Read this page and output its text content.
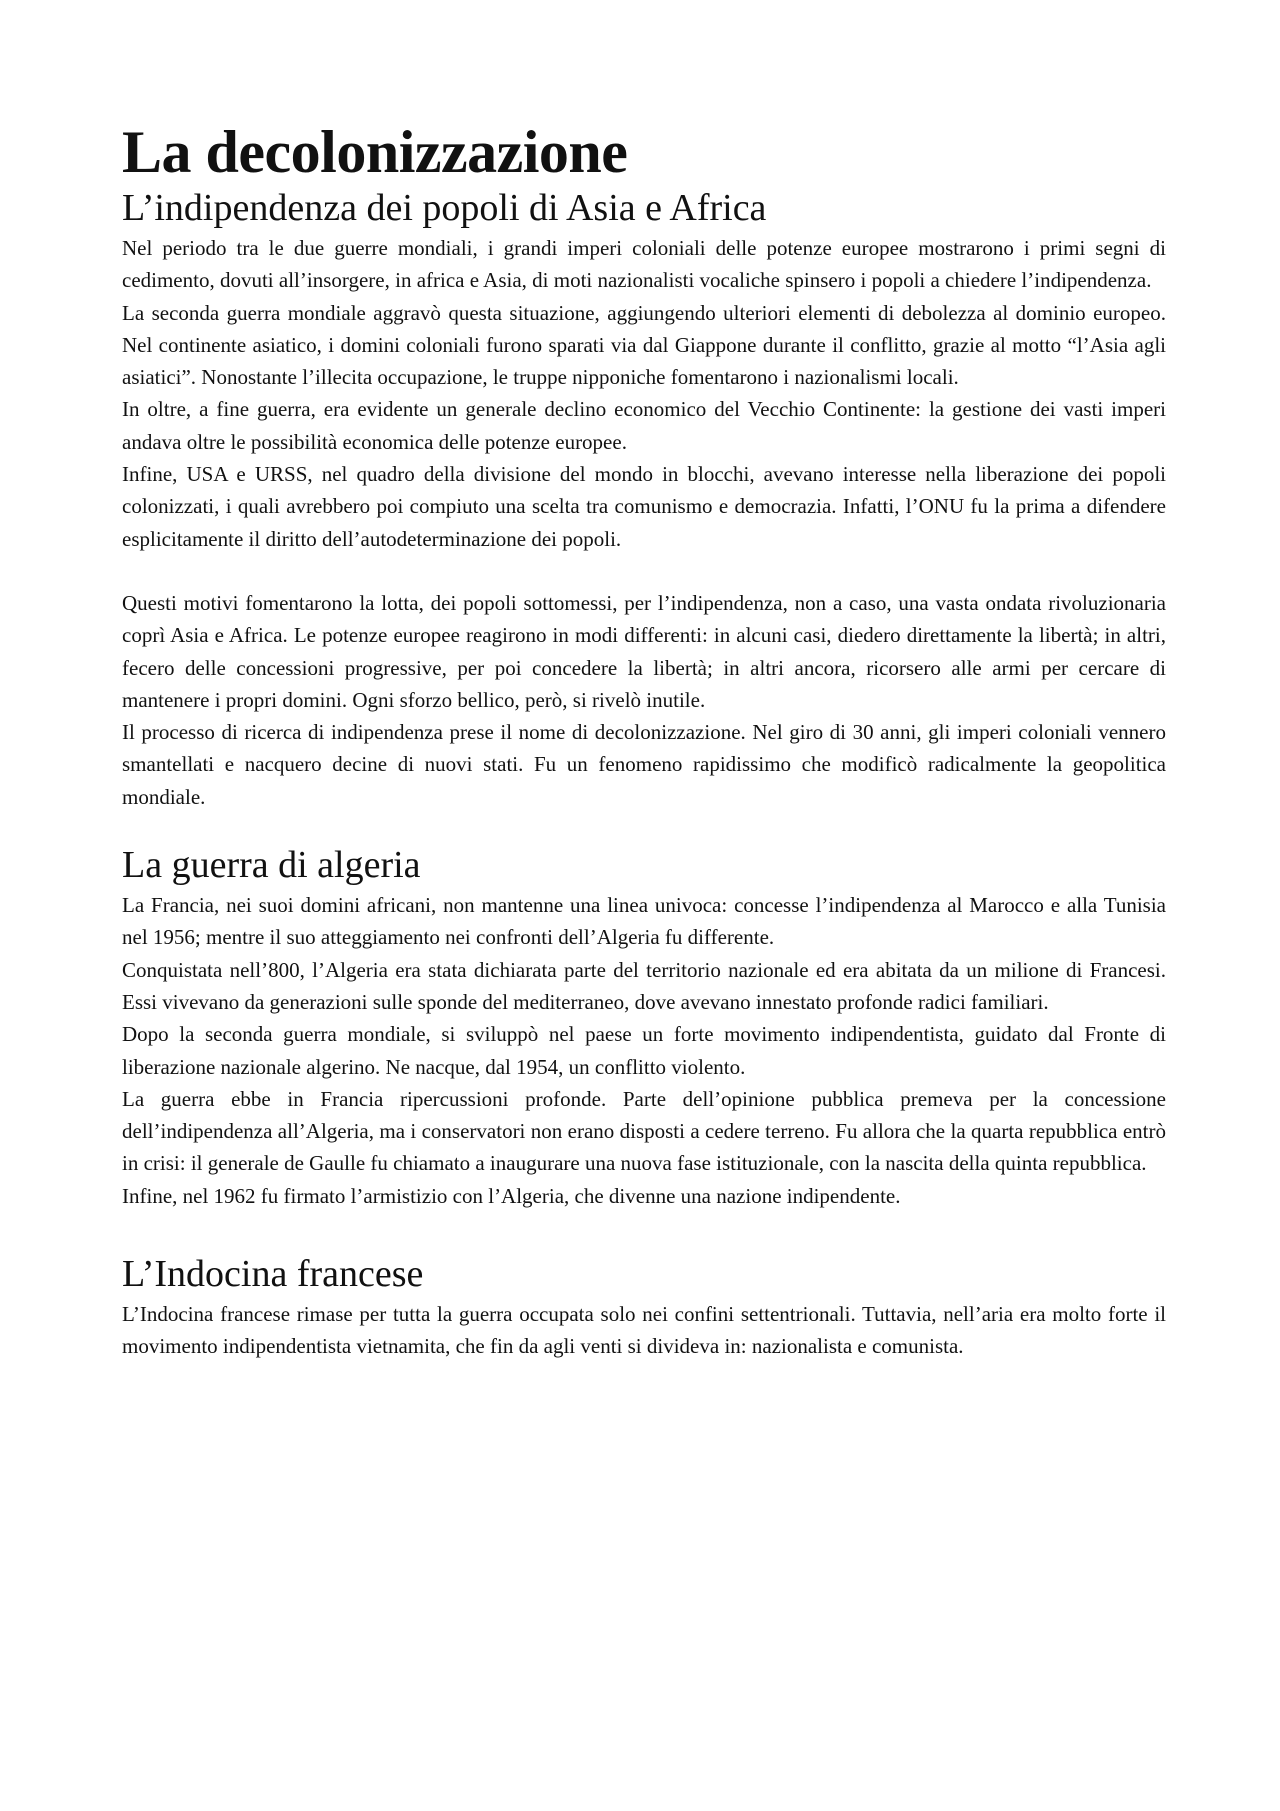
La decolonizzazione
L’indipendenza dei popoli di Asia e Africa

Nel periodo tra le due guerre mondiali, i grandi imperi coloniali delle potenze europee mostrarono i primi segni di cedimento, dovuti all’insorgere, in africa e Asia, di moti nazionalisti vocaliche spinsero i popoli a chiedere l’indipendenza.

La seconda guerra mondiale aggravò questa situazione, aggiungendo ulteriori elementi di debolezza al dominio europeo. Nel continente asiatico, i domini coloniali furono sparati via dal Giappone durante il conflitto, grazie al motto “l’Asia agli asiatici”. Nonostante l’illecita occupazione, le truppe nipponiche fomentarono i nazionalismi locali.

In oltre, a fine guerra, era evidente un generale declino economico del Vecchio Continente: la gestione dei vasti imperi andava oltre le possibilità economica delle potenze europee.

Infine, USA e URSS, nel quadro della divisione del mondo in blocchi, avevano interesse nella liberazione dei popoli colonizzati, i quali avrebbero poi compiuto una scelta tra comunismo e democrazia. Infatti, l’ONU fu la prima a difendere esplicitamente il diritto dell’autodeterminazione dei popoli.

Questi motivi fomentarono la lotta, dei popoli sottomessi, per l’indipendenza, non a caso, una vasta ondata rivoluzionaria coprì Asia e Africa. Le potenze europee reagirono in modi differenti: in alcuni casi, diedero direttamente la libertà; in altri, fecero delle concessioni progressive, per poi concedere la libertà; in altri ancora, ricorsero alle armi per cercare di mantenere i propri domini. Ogni sforzo bellico, però, si rivelò inutile.

Il processo di ricerca di indipendenza prese il nome di decolonizzazione. Nel giro di 30 anni, gli imperi coloniali vennero smantellati e nacquero decine di nuovi stati. Fu un fenomeno rapidissimo che modificò radicalmente la geopolitica mondiale.

La guerra di algeria

La Francia, nei suoi domini africani, non mantenne una linea univoca: concesse l’indipendenza al Marocco e alla Tunisia nel 1956; mentre il suo atteggiamento nei confronti dell’Algeria fu differente.

Conquistata nell’800, l’Algeria era stata dichiarata parte del territorio nazionale ed era abitata da un milione di Francesi. Essi vivevano da generazioni sulle sponde del mediterraneo, dove avevano innestato profonde radici familiari.

Dopo la seconda guerra mondiale, si sviluppò nel paese un forte movimento indipendentista, guidato dal Fronte di liberazione nazionale algerino. Ne nacque, dal 1954, un conflitto violento.

La guerra ebbe in Francia ripercussioni profonde. Parte dell’opinione pubblica premeva per la concessione dell’indipendenza all’Algeria, ma i conservatori non erano disposti a cedere terreno. Fu allora che la quarta repubblica entrò in crisi: il generale de Gaulle fu chiamato a inaugurare una nuova fase istituzionale, con la nascita della quinta repubblica.

Infine, nel 1962 fu firmato l’armistizio con l’Algeria, che divenne una nazione indipendente.

L’Indocina francese

L’Indocina francese rimase per tutta la guerra occupata solo nei confini settentrionali. Tuttavia, nell’aria era molto forte il movimento indipendentista vietnamita, che fin da agli venti si divideva in: nazionalista e comunista.
